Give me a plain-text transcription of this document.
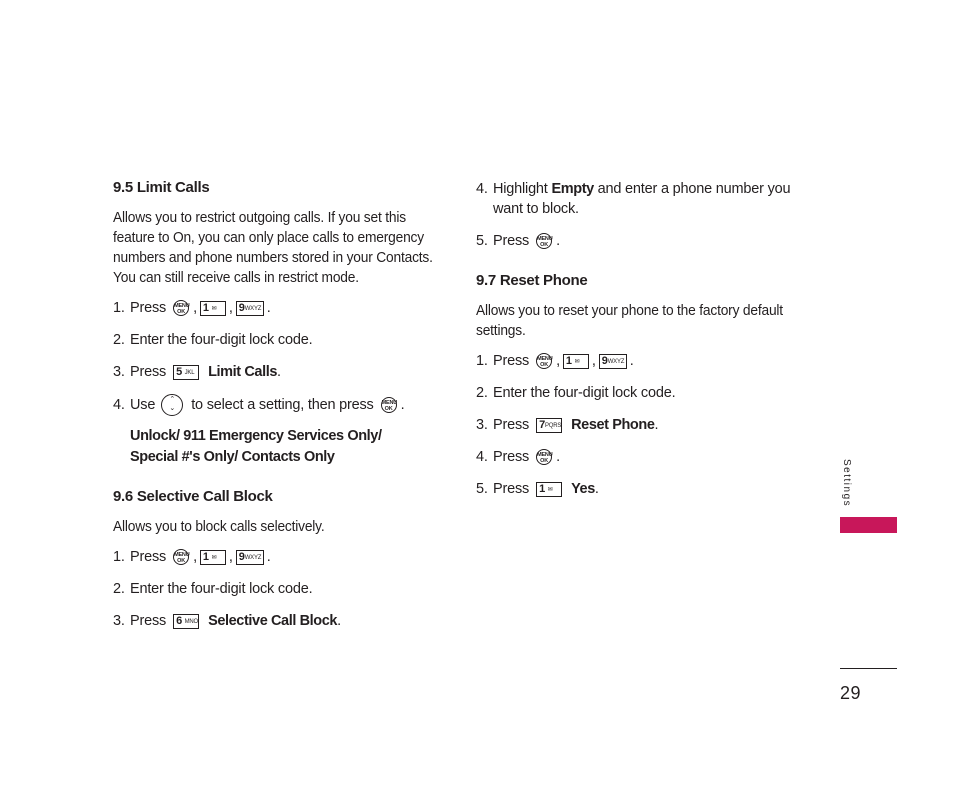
9.5 Limit Calls

Allows you to restrict outgoing calls. If you set this feature to On, you can only place calls to emergency numbers and phone numbers stored in your Contacts. You can still receive calls in restrict mode.

1. Press MENU
OK , 1 ✉ , 9WXYZ .
2. Enter the four-digit lock code.
3. Press 5 JKL Limit Calls .
4. Use	⌃
⌄	to select a setting, then press MENU
OK .
Unlock/ 911 Emergency Services Only/
Special #'s Only/ Contacts Only
9.6 Selective Call Block

Allows you to block calls selectively.

1. Press MENU
OK , 1 ✉ , 9WXYZ .
2. Enter the four-digit lock code.
3. Press 6 MNO Selective Call Block .
4. Highlight Empty and enter a phone number you want to block.
5. Press MENU
OK .
9.7 Reset Phone

Allows you to reset your phone to the factory default settings.

1. Press MENU
OK , 1 ✉ , 9WXYZ .
2. Enter the four-digit lock code.
3. Press 7PQRS Reset Phone .
4. Press MENU
OK .
5. Press 1 ✉	Yes .	Settings
29
